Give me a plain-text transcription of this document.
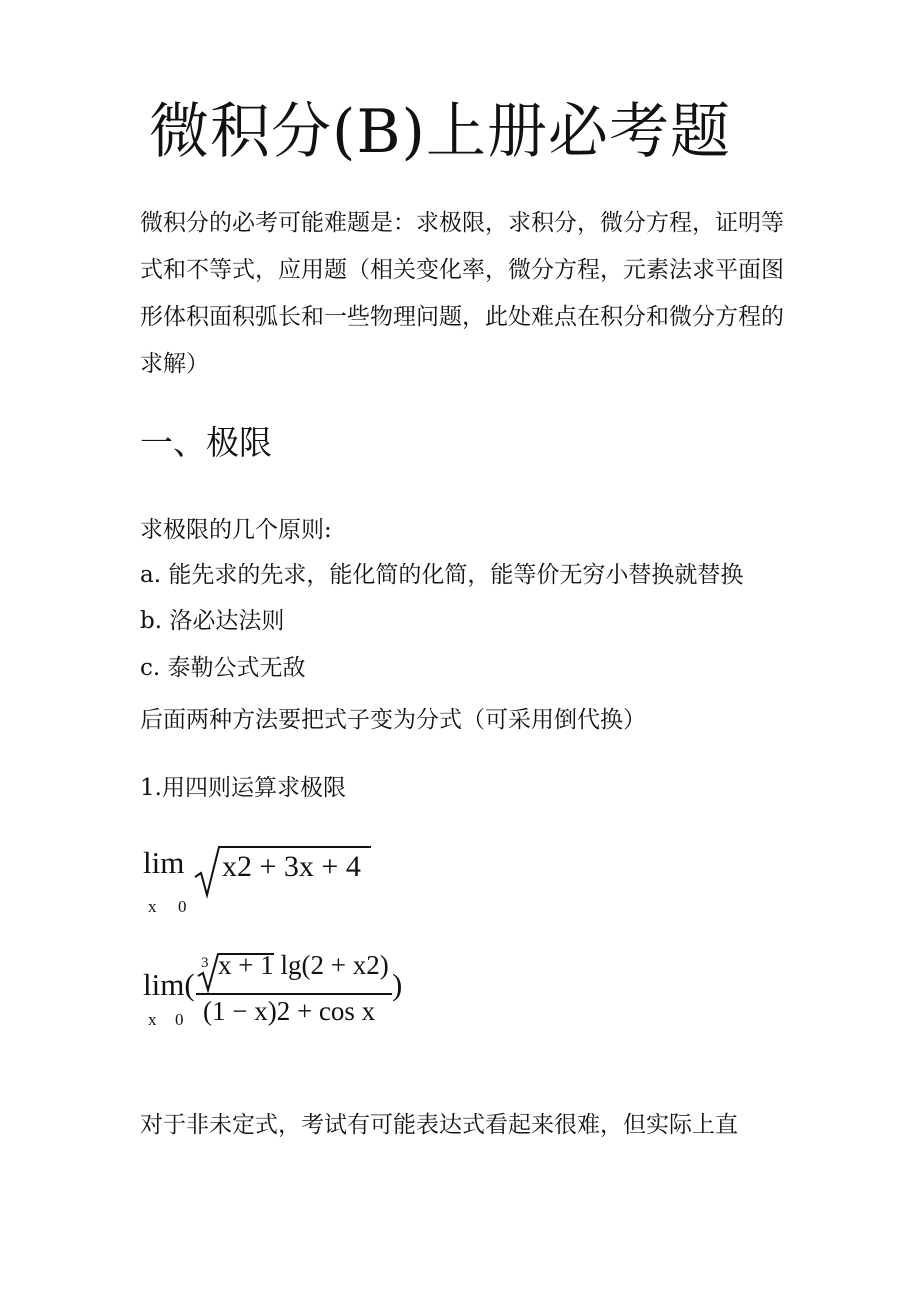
微积分(B)上册必考题
微积分的必考可能难题是：求极限，求积分，微分方程，证明等式和不等式，应用题（相关变化率，微分方程，元素法求平面图形体积面积弧长和一些物理问题，此处难点在积分和微分方程的求解）
一、极限
求极限的几个原则:
a. 能先求的先求，能化简的化简，能等价无穷小替换就替换
b. 洛必达法则
c. 泰勒公式无敌
后面两种方法要把式子变为分式（可采用倒代换）
1.用四则运算求极限
lim
x 0
x2 + 3x + 4
lim(
x 0
3 x + 1 lg(2 + x2)
(1 − x)2 + cos x
)
对于非未定式，考试有可能表达式看起来很难，但实际上直
